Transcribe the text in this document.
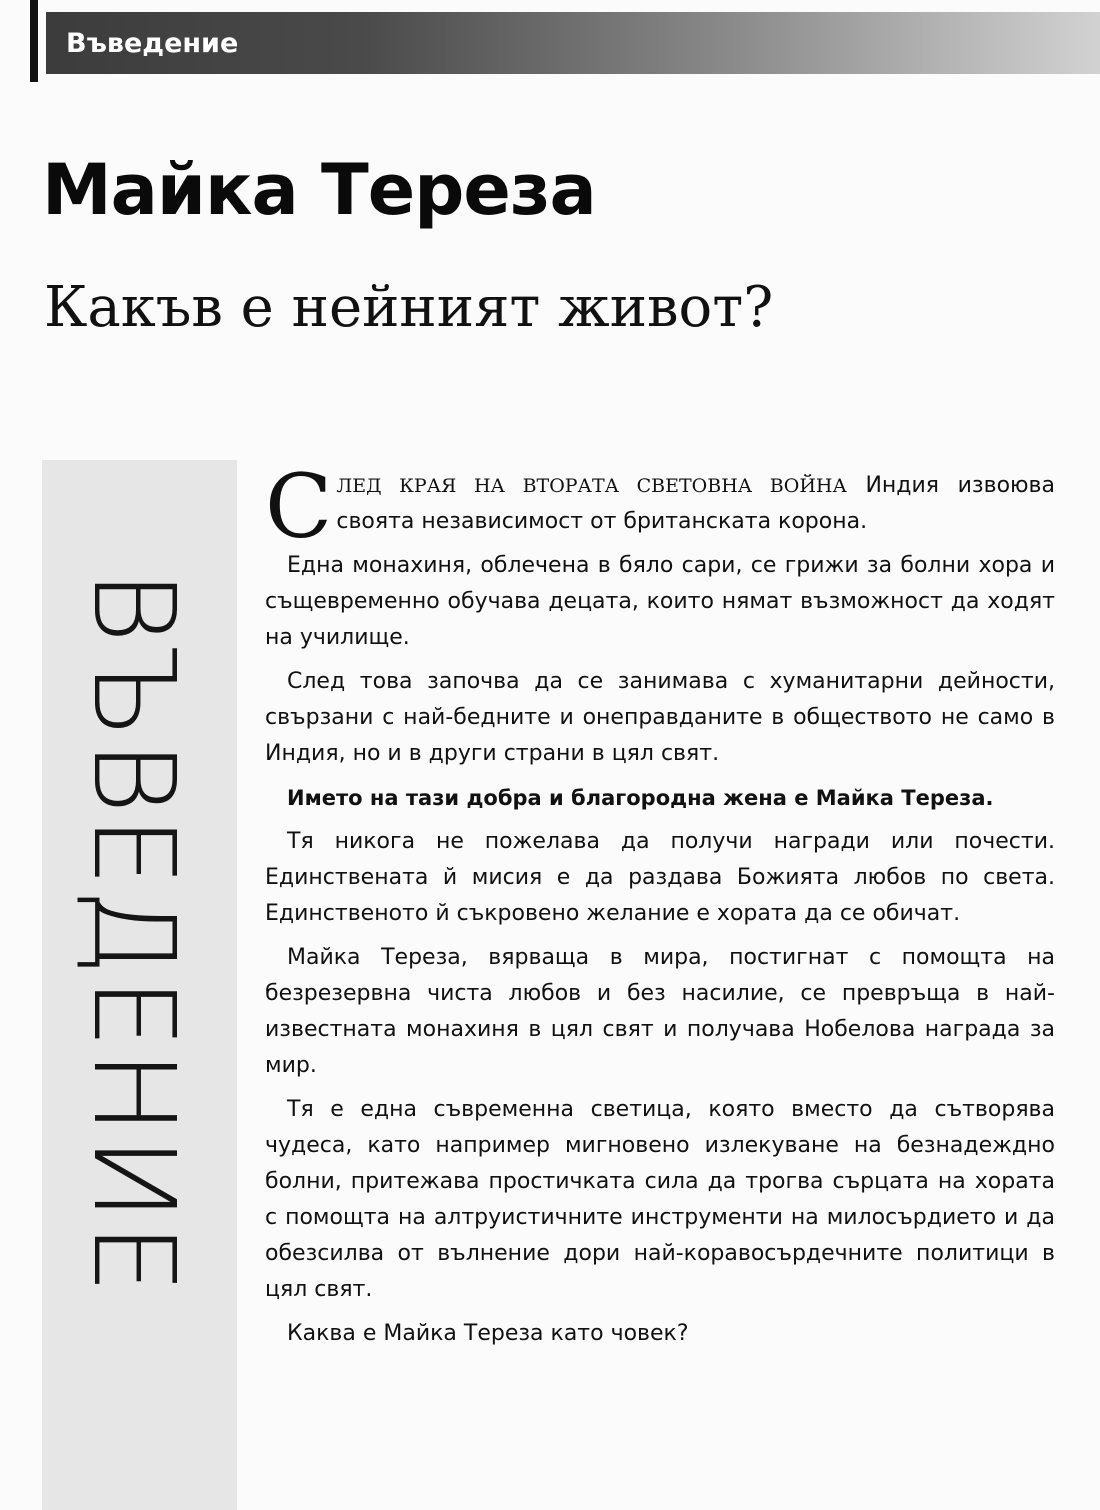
Въведение
Майка Тереза
Какъв е нейният живот?
ВЪВЕДЕНИЕ

СЛЕД КРАЯ НА ВТОРАТА СВЕТОВНА ВОЙНА Индия извоюва своята независимост от британската корона.

Една монахиня, облечена в бяло сари, се грижи за болни хора и същевременно обучава децата, които нямат възможност да ходят на училище.

След това започва да се занимава с хуманитарни дейности, свързани с най-бедните и онеправданите в обществото не само в Индия, но и в други страни в цял свят.

Името на тази добра и благородна жена е Майка Тереза.

Тя никога не пожелава да получи награди или почести. Единствената й мисия е да раздава Божията любов по света. Единственото й съкровено желание е хората да се обичат.

Майка Тереза, вярваща в мира, постигнат с помощта на безрезервна чиста любов и без насилие, се превръща в най-известната монахиня в цял свят и получава Нобелова награда за мир.

Тя е една съвременна светица, която вместо да сътворява чудеса, като например мигновено излекуване на безнадеждно болни, притежава простичката сила да трогва сърцата на хората с помощта на алтруистичните инструменти на милосърдието и да обезсилва от вълнение дори най-коравосърдечните политици в цял свят.

Каква е Майка Тереза като човек?
